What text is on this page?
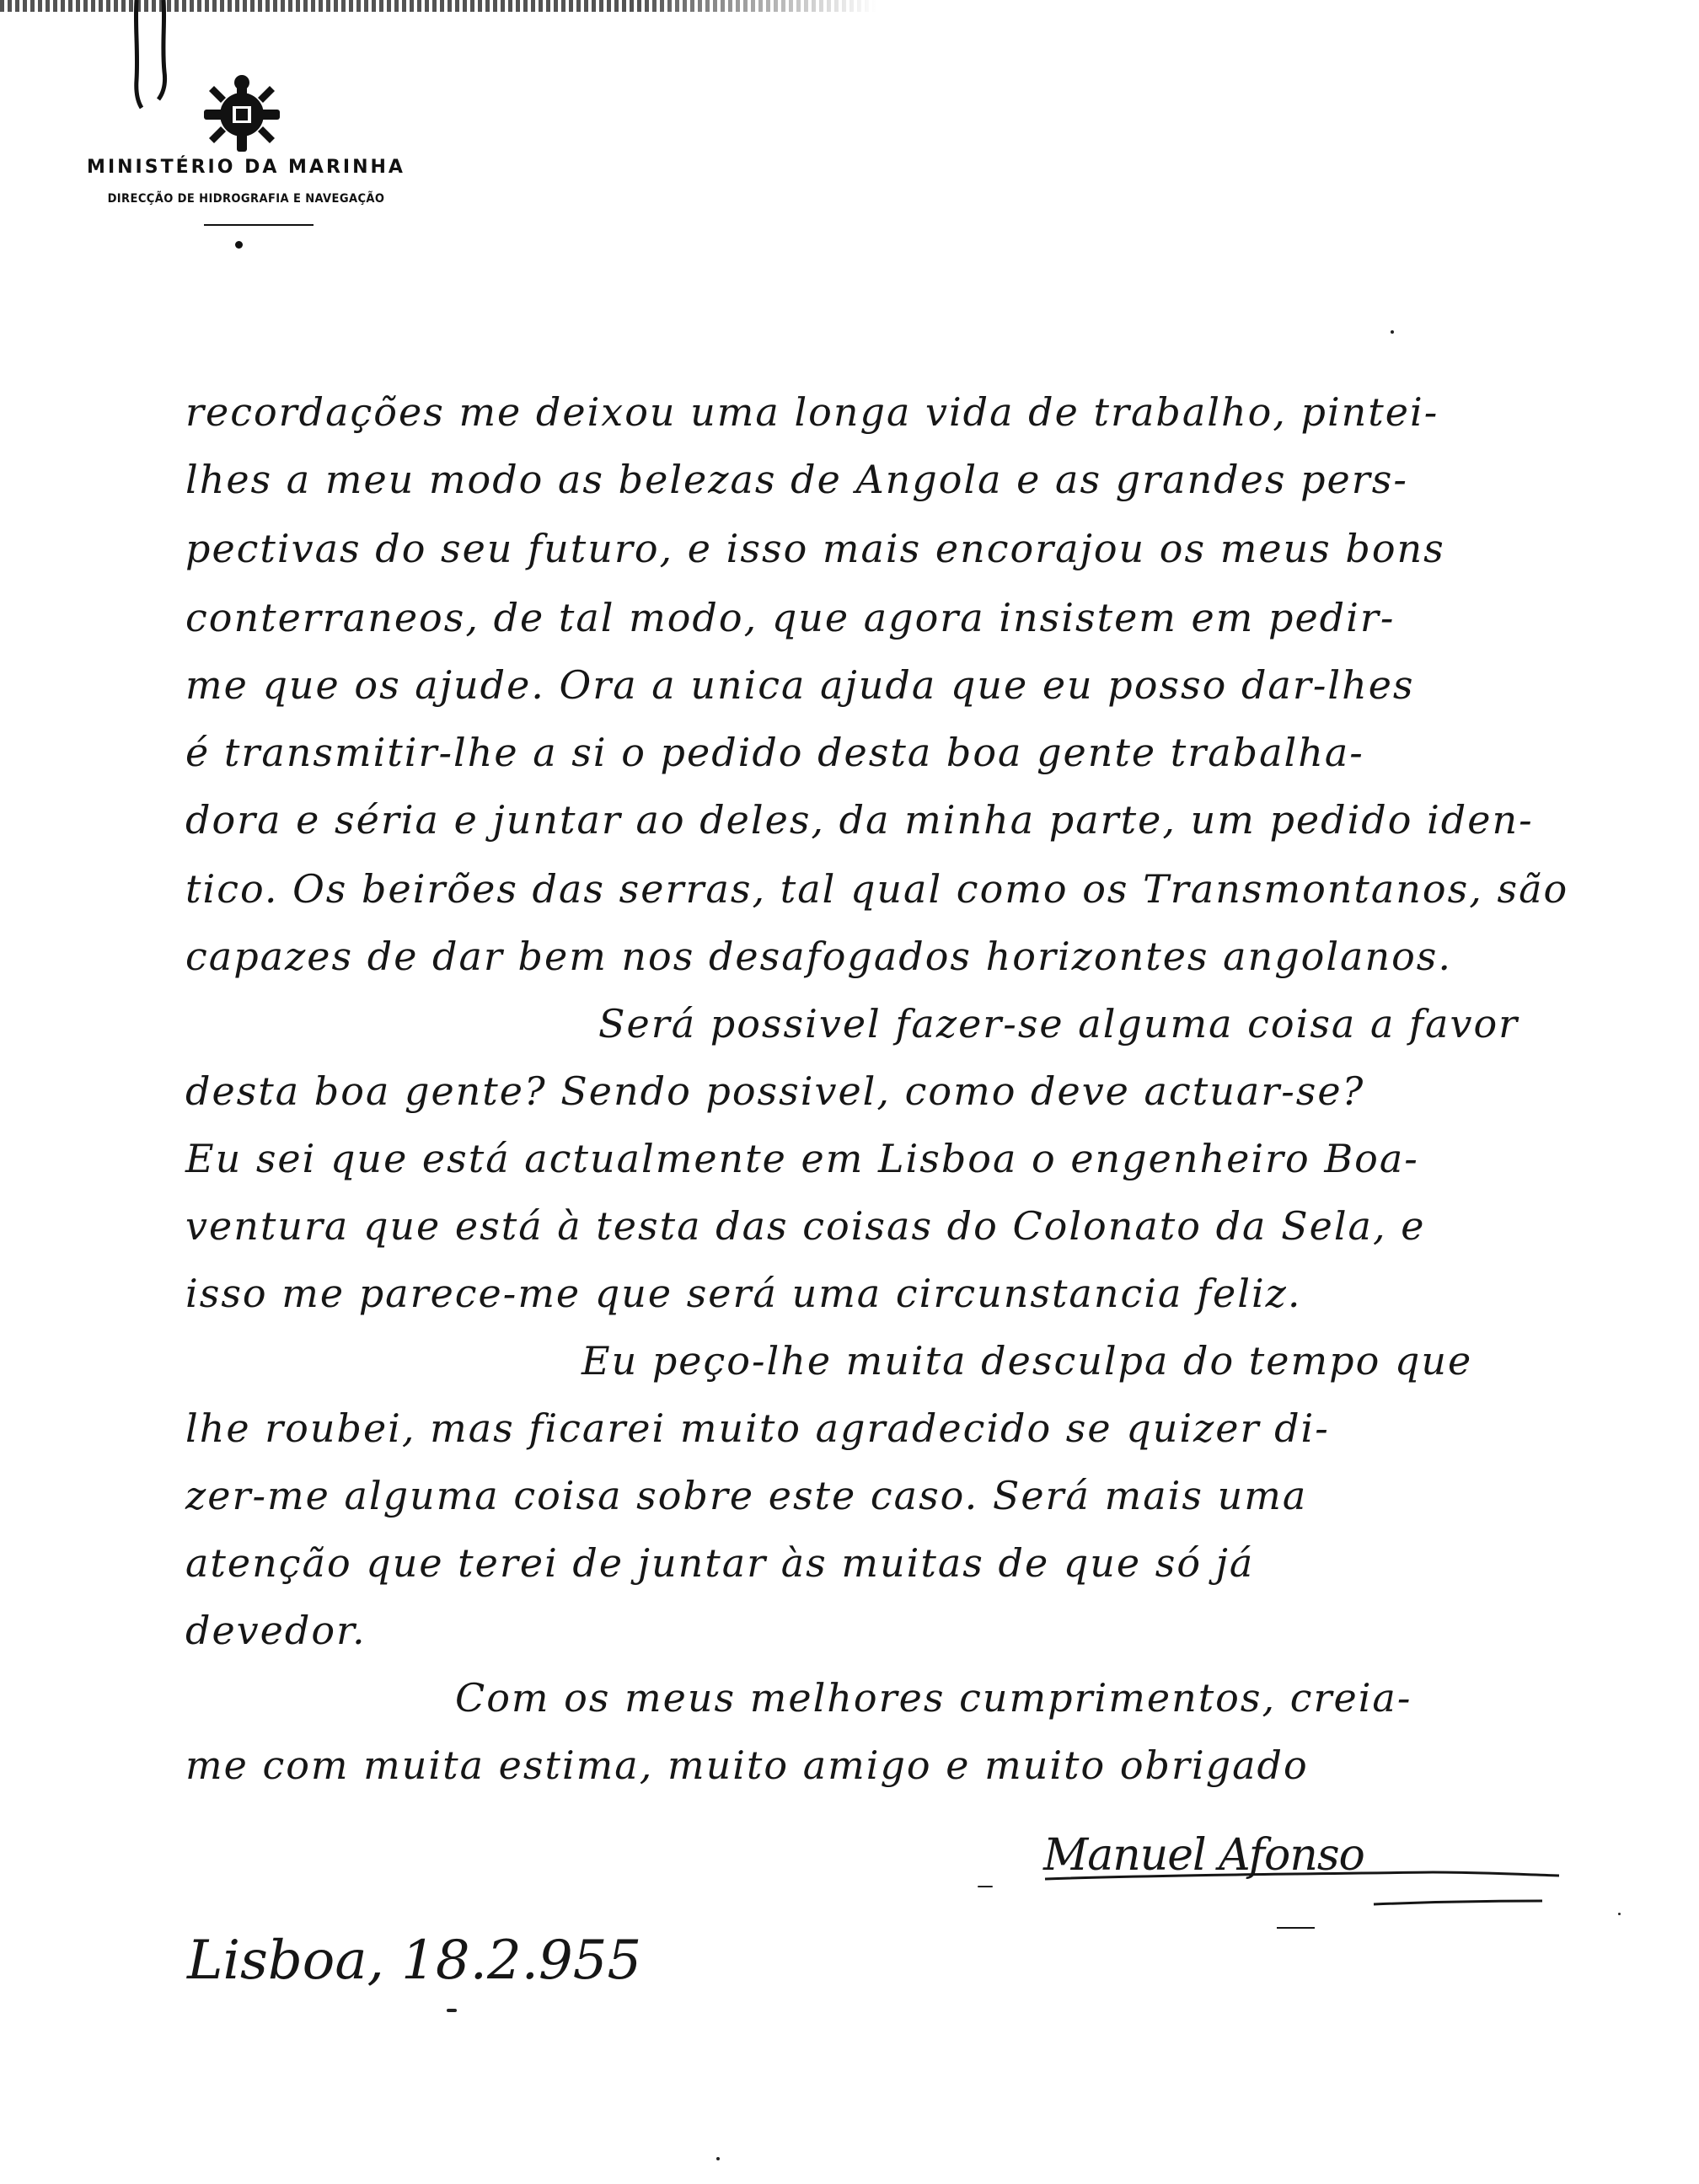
MINISTÉRIO DA MARINHA
DIRECÇÃO DE HIDROGRAFIA E NAVEGAÇÃO
recordações me deixou uma longa vida de trabalho, pintei-
lhes a meu modo as belezas de Angola e as grandes pers-
pectivas do seu futuro, e isso mais encorajou os meus bons
conterraneos, de tal modo, que agora insistem em pedir-
me que os ajude. Ora a unica ajuda que eu posso dar-lhes
é transmitir-lhe a si o pedido desta boa gente trabalha-
dora e séria e juntar ao deles, da minha parte, um pedido iden-
tico. Os beirões das serras, tal qual como os Transmontanos, são
capazes de dar bem nos desafogados horizontes angolanos.
Será possivel fazer-se alguma coisa a favor
desta boa gente? Sendo possivel, como deve actuar-se?
Eu sei que está actualmente em Lisboa o engenheiro Boa-
ventura que está à testa das coisas do Colonato da Sela, e
isso me parece-me que será uma circunstancia feliz.
Eu peço-lhe muita desculpa do tempo que
lhe roubei, mas ficarei muito agradecido se quizer di-
zer-me alguma coisa sobre este caso. Será mais uma
atenção que terei de juntar às muitas de que só já
devedor.
Com os meus melhores cumprimentos, creia-
me com muita estima, muito amigo e muito obrigado
Manuel Afonso
Lisboa, 18.2.955
